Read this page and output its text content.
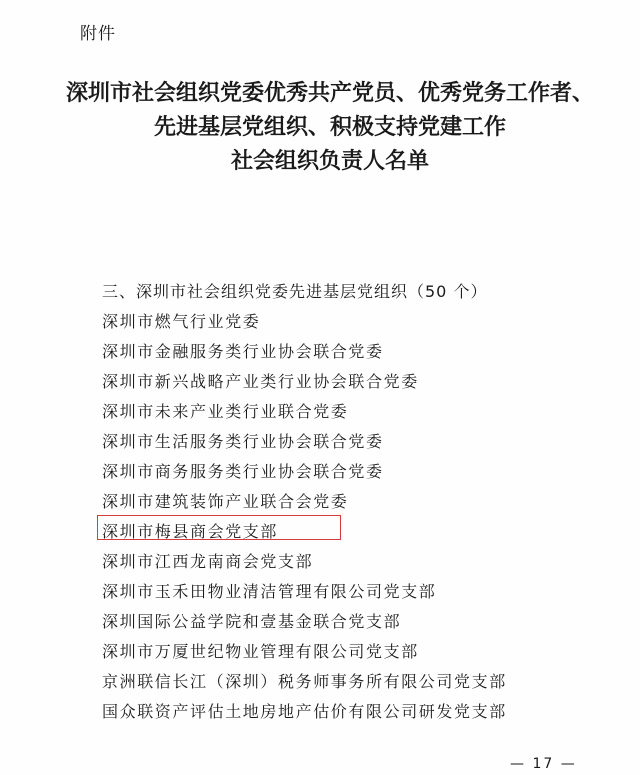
附件
深圳市社会组织党委优秀共产党员、优秀党务工作者、
先进基层党组织、积极支持党建工作
社会组织负责人名单
三、深圳市社会组织党委先进基层党组织（50 个）
深圳市燃气行业党委
深圳市金融服务类行业协会联合党委
深圳市新兴战略产业类行业协会联合党委
深圳市未来产业类行业联合党委
深圳市生活服务类行业协会联合党委
深圳市商务服务类行业协会联合党委
深圳市建筑装饰产业联合会党委
深圳市梅县商会党支部
深圳市江西龙南商会党支部
深圳市玉禾田物业清洁管理有限公司党支部
深圳国际公益学院和壹基金联合党支部
深圳市万厦世纪物业管理有限公司党支部
京洲联信长江（深圳）税务师事务所有限公司党支部
国众联资产评估土地房地产估价有限公司研发党支部
— 17 —
